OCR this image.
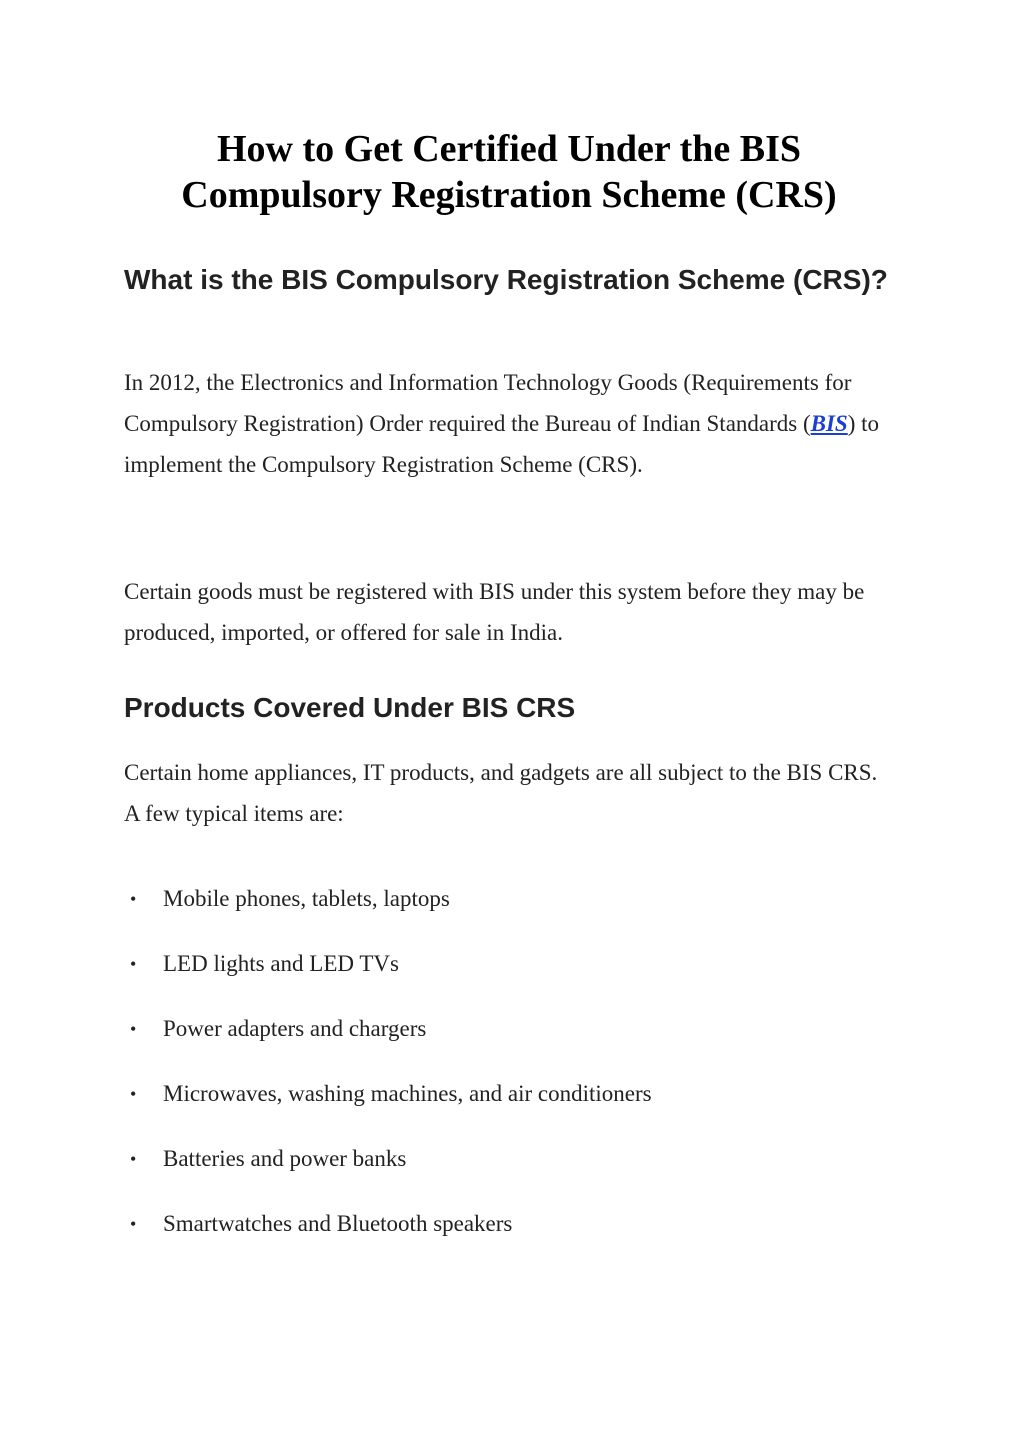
How to Get Certified Under the BIS Compulsory Registration Scheme (CRS)
What is the BIS Compulsory Registration Scheme (CRS)?

In 2012, the Electronics and Information Technology Goods (Requirements for Compulsory Registration) Order required the Bureau of Indian Standards (BIS) to implement the Compulsory Registration Scheme (CRS).

Certain goods must be registered with BIS under this system before they may be produced, imported, or offered for sale in India.

Products Covered Under BIS CRS

Certain home appliances, IT products, and gadgets are all subject to the BIS CRS. A few typical items are:

• Mobile phones, tablets, laptops
• LED lights and LED TVs
• Power adapters and chargers
• Microwaves, washing machines, and air conditioners
• Batteries and power banks
• Smartwatches and Bluetooth speakers
